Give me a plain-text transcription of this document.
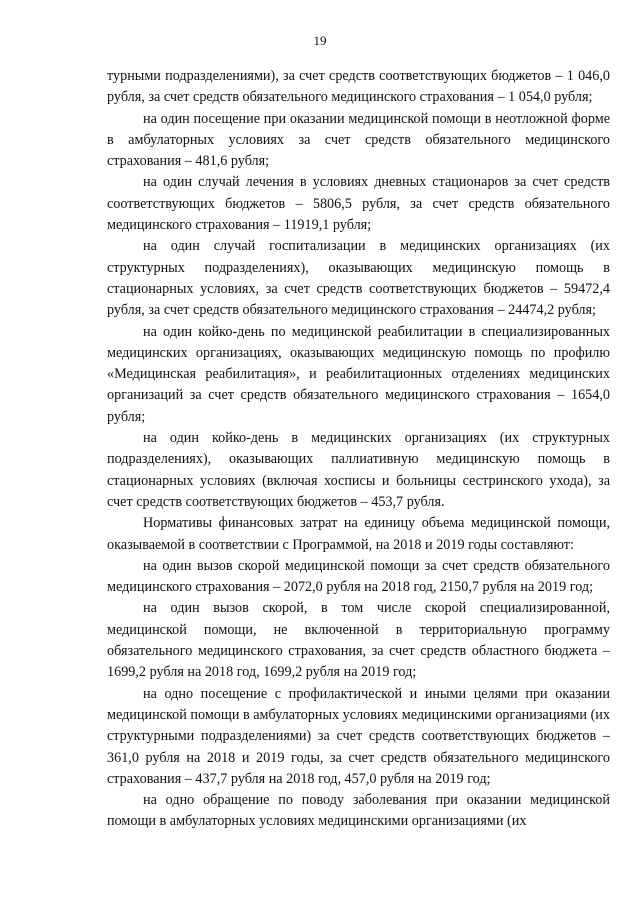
19

турными подразделениями), за счет средств соответствующих бюджетов – 1 046,0 рубля, за счет средств обязательного медицинского страхования – 1 054,0 рубля;

на один посещение при оказании медицинской помощи в неотложной форме в амбулаторных условиях за счет средств обязательного медицинского страхования – 481,6 рубля;

на один случай лечения в условиях дневных стационаров за счет средств соответствующих бюджетов – 5806,5 рубля, за счет средств обязательного медицинского страхования – 11919,1 рубля;

на один случай госпитализации в медицинских организациях (их структурных подразделениях), оказывающих медицинскую помощь в стационарных условиях, за счет средств соответствующих бюджетов – 59472,4 рубля, за счет средств обязательного медицинского страхования – 24474,2 рубля;

на один койко-день по медицинской реабилитации в специализированных медицинских организациях, оказывающих медицинскую помощь по профилю «Медицинская реабилитация», и реабилитационных отделениях медицинских организаций за счет средств обязательного медицинского страхования – 1654,0 рубля;

на один койко-день в медицинских организациях (их структурных подразделениях), оказывающих паллиативную медицинскую помощь в стационарных условиях (включая хосписы и больницы сестринского ухода), за счет средств соответствующих бюджетов – 453,7 рубля.

Нормативы финансовых затрат на единицу объема медицинской помощи, оказываемой в соответствии с Программой, на 2018 и 2019 годы составляют:

на один вызов скорой медицинской помощи за счет средств обязательного медицинского страхования – 2072,0 рубля на 2018 год, 2150,7 рубля на 2019 год;

на один вызов скорой, в том числе скорой специализированной, медицинской помощи, не включенной в территориальную программу обязательного медицинского страхования, за счет средств областного бюджета – 1699,2 рубля на 2018 год, 1699,2 рубля на 2019 год;

на одно посещение с профилактической и иными целями при оказании медицинской помощи в амбулаторных условиях медицинскими организациями (их структурными подразделениями) за счет средств соответствующих бюджетов – 361,0 рубля на 2018 и 2019 годы, за счет средств обязательного медицинского страхования – 437,7 рубля на 2018 год, 457,0 рубля на 2019 год;

на одно обращение по поводу заболевания при оказании медицинской помощи в амбулаторных условиях медицинскими организациями (их
